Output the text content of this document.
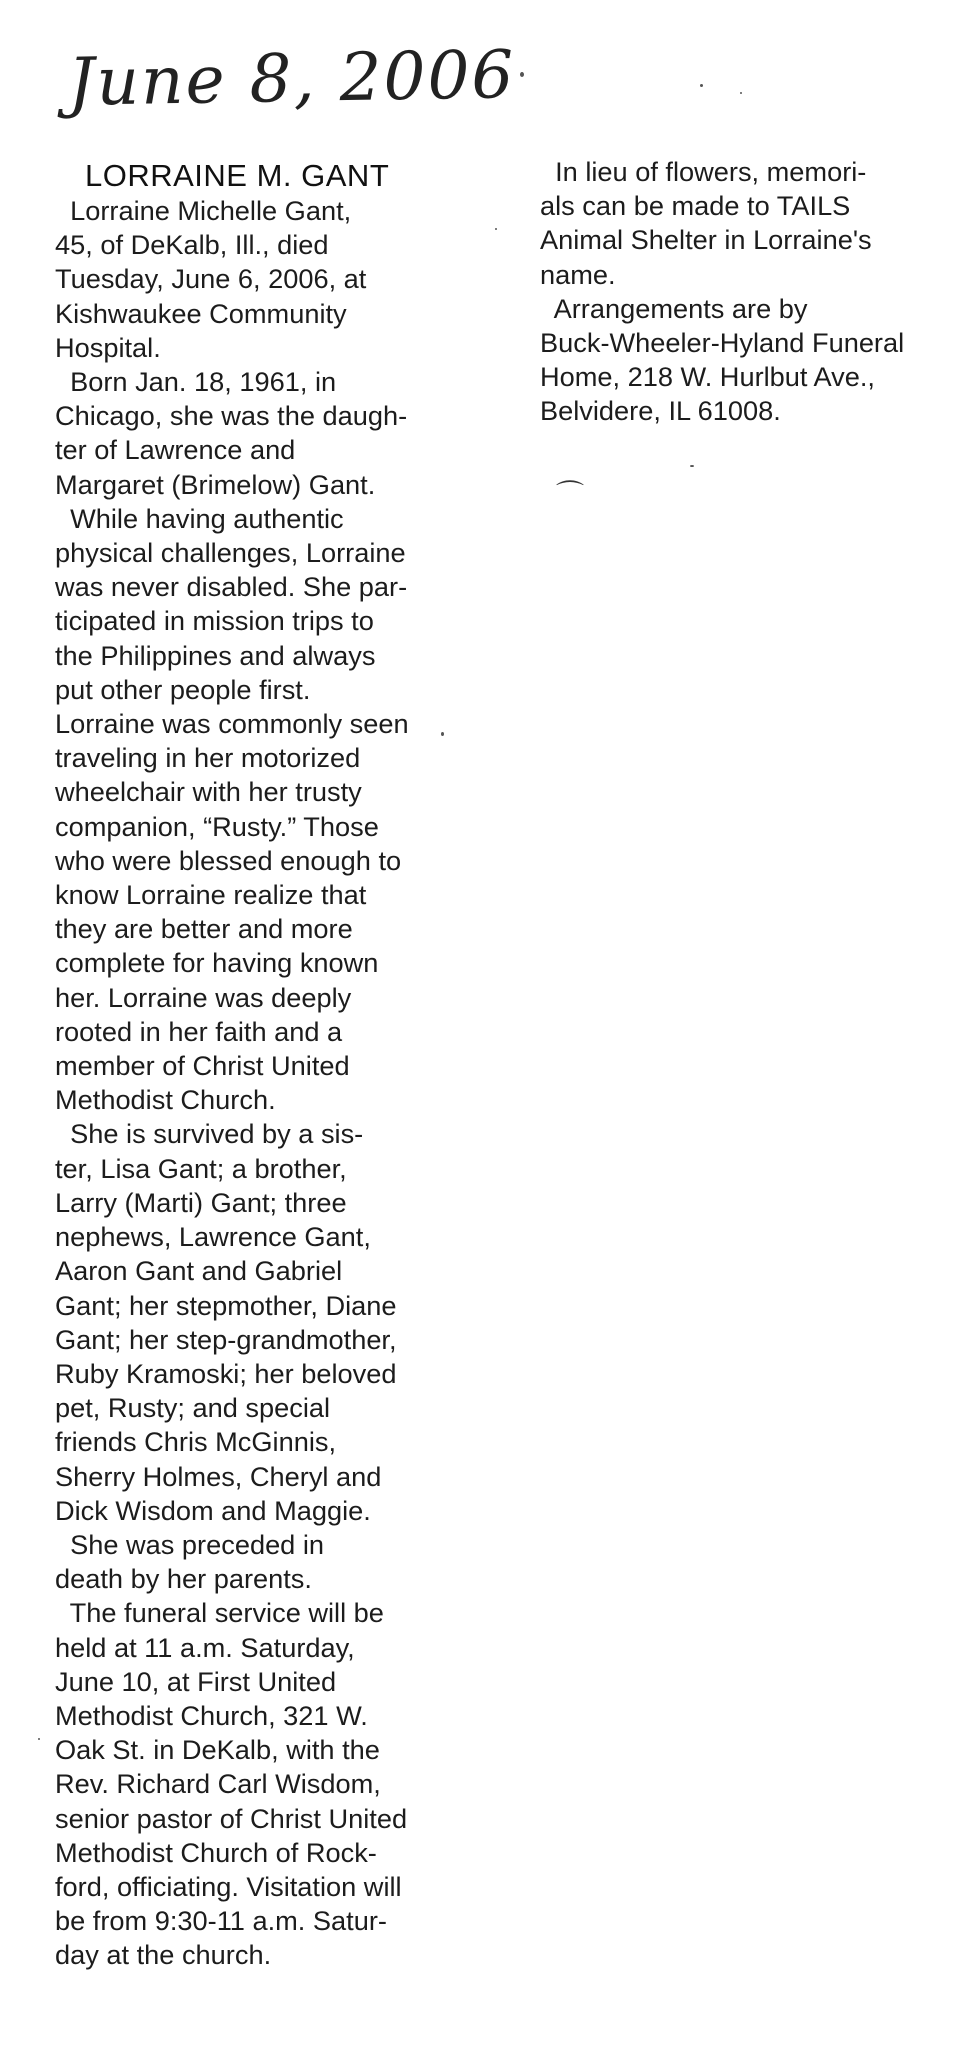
June 8, 2006
LORRAINE M. GANT
Lorraine Michelle Gant,
45, of DeKalb, Ill., died
Tuesday, June 6, 2006, at
Kishwaukee Community
Hospital.
Born Jan. 18, 1961, in
Chicago, she was the daugh-
ter of Lawrence and
Margaret (Brimelow) Gant.
While having authentic
physical challenges, Lorraine
was never disabled. She par-
ticipated in mission trips to
the Philippines and always
put other people first.
Lorraine was commonly seen
traveling in her motorized
wheelchair with her trusty
companion, “Rusty.” Those
who were blessed enough to
know Lorraine realize that
they are better and more
complete for having known
her. Lorraine was deeply
rooted in her faith and a
member of Christ United
Methodist Church.
She is survived by a sis-
ter, Lisa Gant; a brother,
Larry (Marti) Gant; three
nephews, Lawrence Gant,
Aaron Gant and Gabriel
Gant; her stepmother, Diane
Gant; her step-grandmother,
Ruby Kramoski; her beloved
pet, Rusty; and special
friends Chris McGinnis,
Sherry Holmes, Cheryl and
Dick Wisdom and Maggie.
She was preceded in
death by her parents.
The funeral service will be
held at 11 a.m. Saturday,
June 10, at First United
Methodist Church, 321 W.
Oak St. in DeKalb, with the
Rev. Richard Carl Wisdom,
senior pastor of Christ United
Methodist Church of Rock-
ford, officiating. Visitation will
be from 9:30-11 a.m. Satur-
day at the church.
In lieu of flowers, memori-
als can be made to TAILS
Animal Shelter in Lorraine's
name.
Arrangements are by
Buck-Wheeler-Hyland Funeral
Home, 218 W. Hurlbut Ave.,
Belvidere, IL 61008.
⌒
